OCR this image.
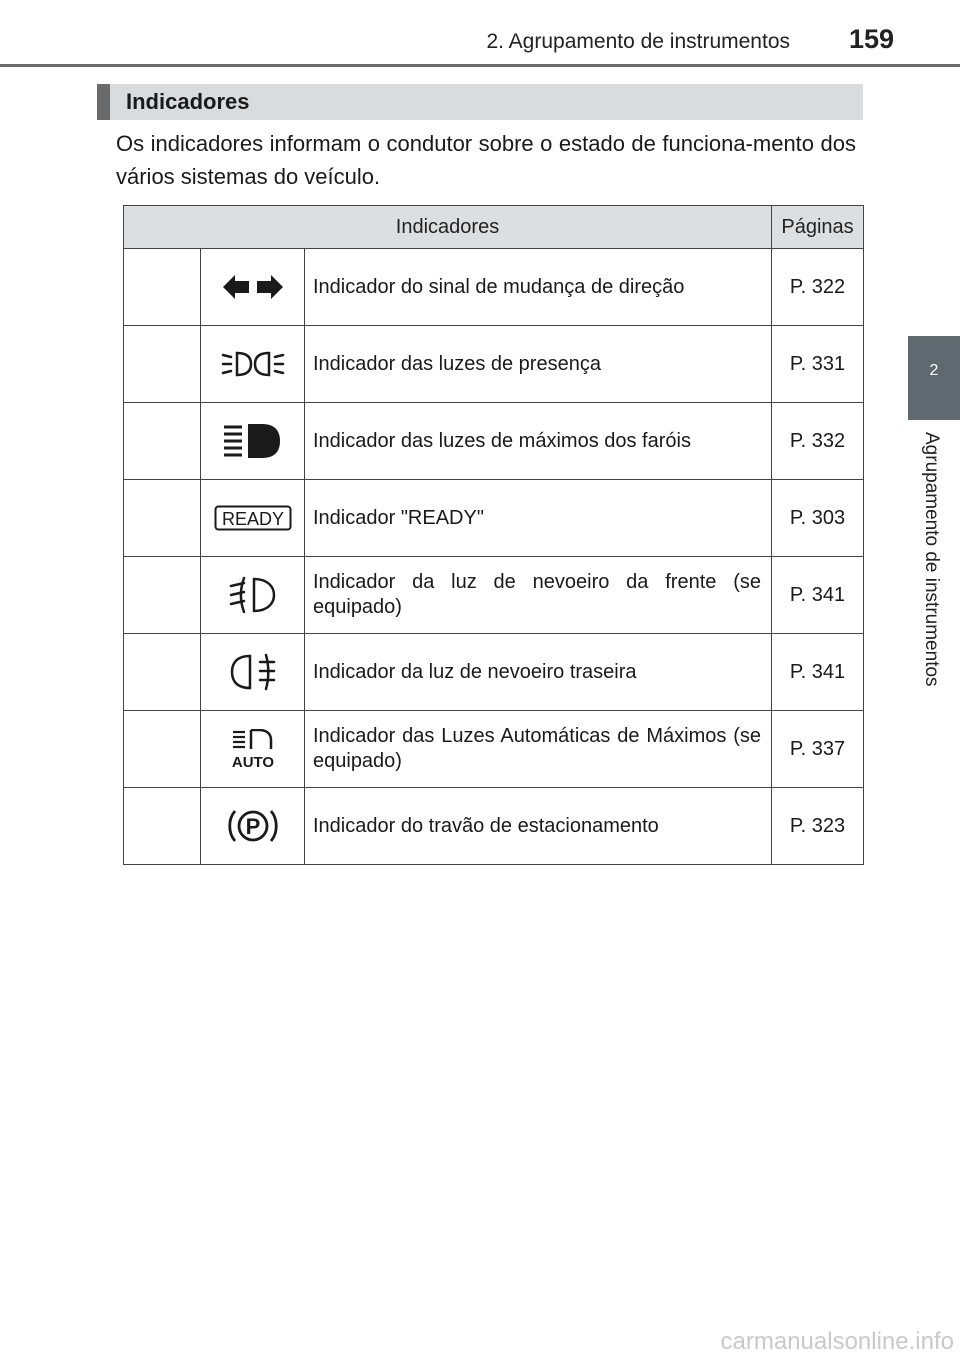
2. Agrupamento de instrumentos 159
2
Agrupamento de instrumentos
Indicadores
Os indicadores informam o condutor sobre o estado de funciona-mento dos vários sistemas do veículo.
Indicadores			Páginas
		Indicador do sinal de mudança de direção	P. 322
		Indicador das luzes de presença	P. 331
		Indicador das luzes de máximos dos faróis	P. 332

READY	Indicador "READY"	P. 303
		Indicador da luz de nevoeiro da frente (se equipado)	P. 341
		Indicador da luz de nevoeiro traseira	P. 341

AUTO	Indicador das Luzes Automáticas de Máximos (se equipado)	P. 337

P	Indicador do travão de estacionamento	P. 323
carmanualsonline.info
